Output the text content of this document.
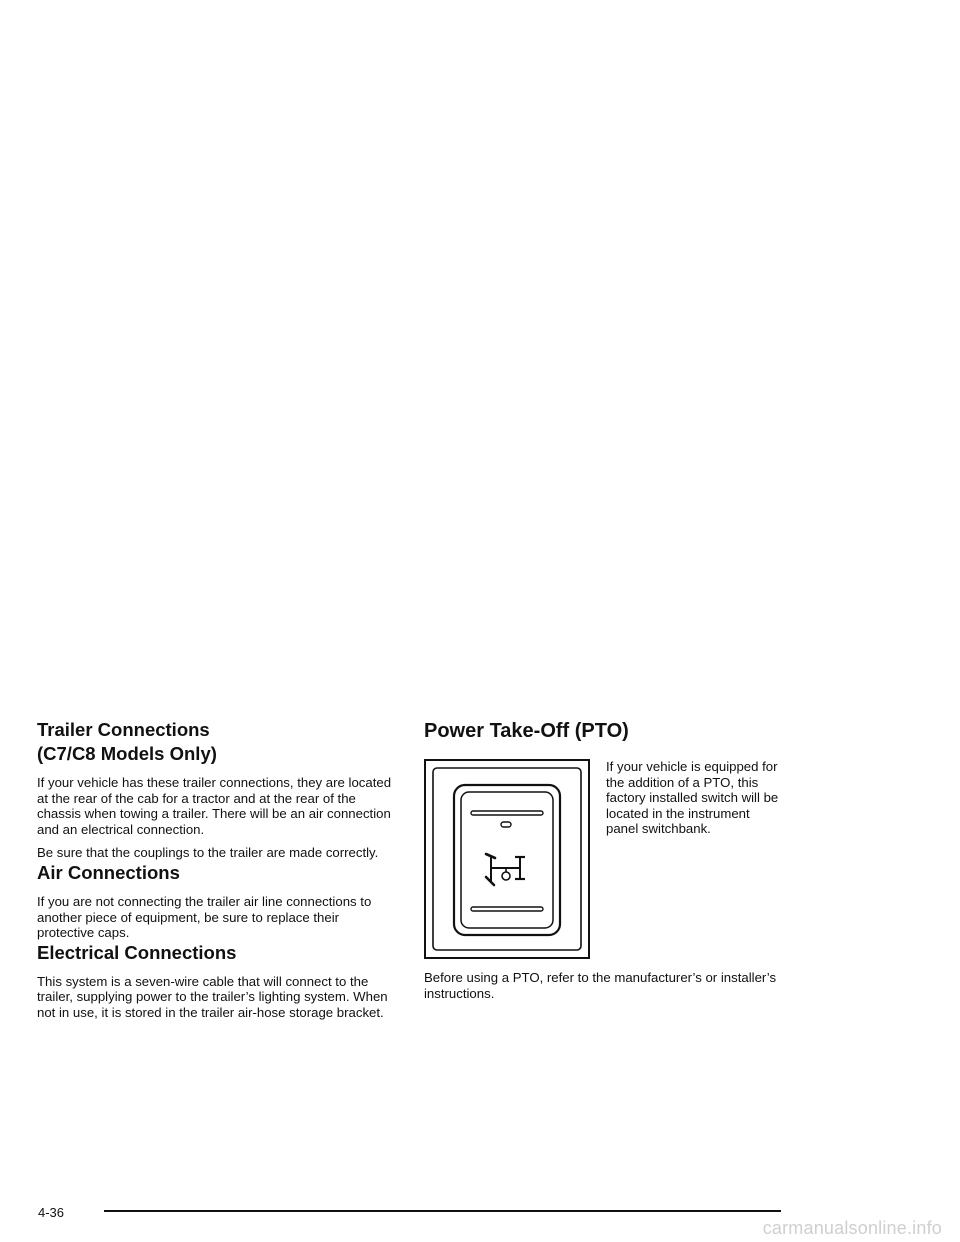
Trailer Connections
(C7/C8 Models Only)

If your vehicle has these trailer connections, they are located at the rear of the cab for a tractor and at the rear of the chassis when towing a trailer. There will be an air connection and an electrical connection.

Be sure that the couplings to the trailer are made correctly.

Air Connections

If you are not connecting the trailer air line connections to another piece of equipment, be sure to replace their protective caps.

Electrical Connections

This system is a seven-wire cable that will connect to the trailer, supplying power to the trailer’s lighting system. When not in use, it is stored in the trailer air-hose storage bracket.

Power Take-Off (PTO)

If your vehicle is equipped for the addition of a PTO, this factory installed switch will be located in the instrument panel switchbank.

Before using a PTO, refer to the manufacturer’s or installer’s instructions.

4-36
carmanualsonline.info
